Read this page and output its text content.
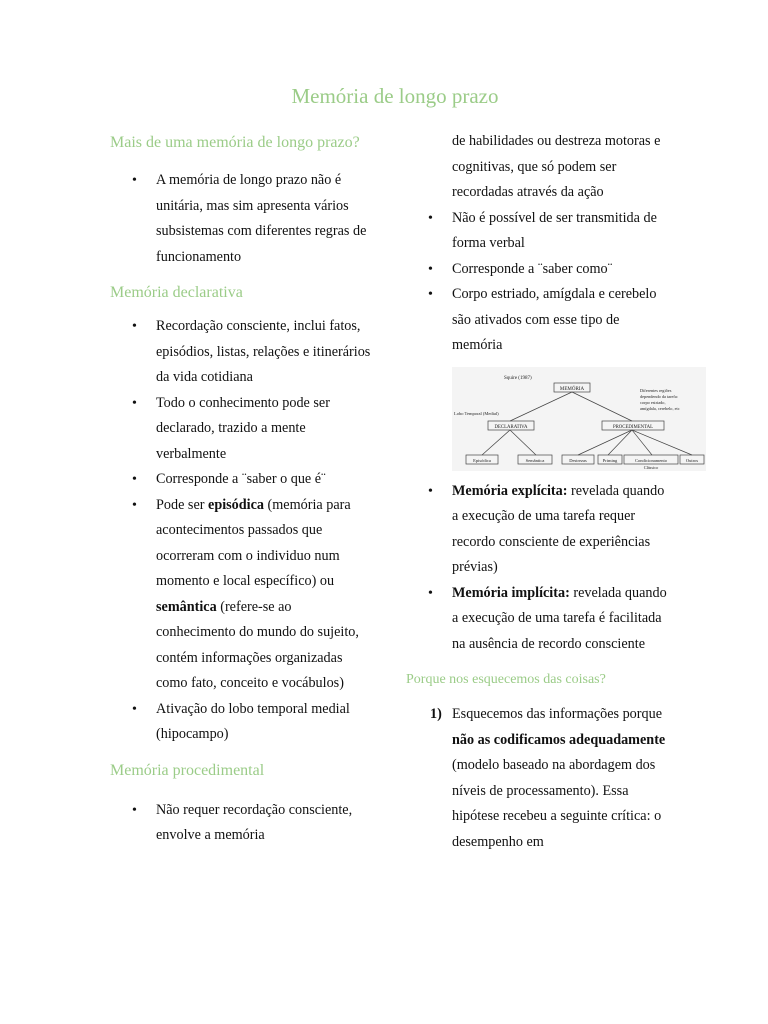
Memória de longo prazo

Mais de uma memória de longo prazo?

• A memória de longo prazo não é unitária, mas sim apresenta vários subsistemas com diferentes regras de funcionamento

Memória declarativa

• Recordação consciente, inclui fatos, episódios, listas, relações e itinerários da vida cotidiana
• Todo o conhecimento pode ser declarado, trazido a mente verbalmente
• Corresponde a ¨saber o que é¨
• Pode ser episódica (memória para acontecimentos passados que ocorreram com o individuo num momento e local específico) ou semântica (refere-se ao conhecimento do mundo do sujeito, contém informações organizadas como fato, conceito e vocábulos)
• Ativação do lobo temporal medial (hipocampo)

Memória procedimental

• Não requer recordação consciente, envolve a memória
de habilidades ou destreza motoras e cognitivas, que só podem ser recordadas através da ação
• Não é possível de ser transmitida de forma verbal
• Corresponde a ¨saber como¨
• Corpo estriado, amígdala e cerebelo são ativados com esse tipo de memória
Squire (1987)
MEMÓRIA	Diferentes regiões
dependendo da tarefa:
corpo estriado,
amígdala, cerebelo, etc
Lobo Temporal (Medial)
DECLARATIVA	PROCEDIMENTAL
Episódica	Semântica	Destrezas	Priming	Condicionamento
Clássico
Outros
• Memória explícita: revelada quando a execução de uma tarefa requer recordo consciente de experiências prévias)
• Memória implícita: revelada quando a execução de uma tarefa é facilitada na ausência de recordo consciente

Porque nos esquecemos das coisas?

1) Esquecemos das informações porque não as codificamos adequadamente (modelo baseado na abordagem dos níveis de processamento). Essa hipótese recebeu a seguinte crítica: o desempenho em
